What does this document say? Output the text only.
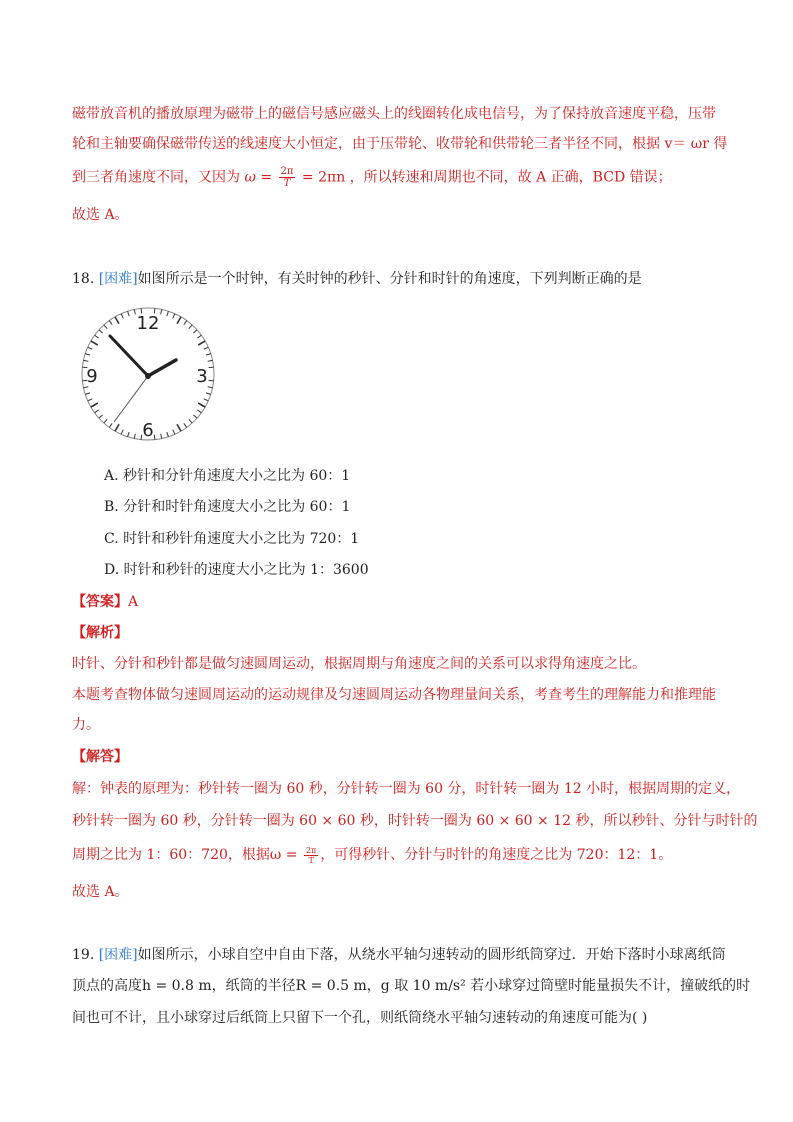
磁带放音机的播放原理为磁带上的磁信号感应磁头上的线圈转化成电信号，为了保持放音速度平稳，压带
轮和主轴要确保磁带传送的线速度大小恒定，由于压带轮、收带轮和供带轮三者半径不同，根据 v＝ ωr 得
到三者角速度不同，又因为 $\omega = \frac{2\pi}{T} = 2\pi n$ ，所以转速和周期也不同，故 A 正确，BCD 错误；
故选 A。
18. [困难]如图所示是一个时钟，有关时钟的秒针、分针和时针的角速度，下列判断正确的是
12
3
6
9
A. 秒针和分针角速度大小之比为 60：1
B. 分针和时针角速度大小之比为 60：1
C. 时针和秒针角速度大小之比为 720：1
D. 时针和秒针的速度大小之比为 1：3600
【答案】A
【解析】
时针、分针和秒针都是做匀速圆周运动，根据周期与角速度之间的关系可以求得角速度之比。
本题考查物体做匀速圆周运动的运动规律及匀速圆周运动各物理量间关系，考查考生的理解能力和推理能
力。
【解答】
解：钟表的原理为：秒针转一圈为 60 秒，分针转一圈为 60 分，时针转一圈为 12 小时，根据周期的定义，
秒针转一圈为 60 秒，分针转一圈为 60 × 60 秒，时针转一圈为 60 × 60 × 12 秒，所以秒针、分针与时针的
周期之比为 1：60：720，根据$\omega = \frac{2\pi}{T}$ ，可得秒针、分针与时针的角速度之比为 720：12：1。
故选 A。
19. [困难]如图所示，小球自空中自由下落，从绕水平轴匀速转动的圆形纸筒穿过．开始下落时小球离纸筒
顶点的高度h = 0.8 m，纸筒的半径R = 0.5 m，g 取 10 m/s² 若小球穿过筒壁时能量损失不计，撞破纸的时
间也可不计，且小球穿过后纸筒上只留下一个孔，则纸筒绕水平轴匀速转动的角速度可能为( )
